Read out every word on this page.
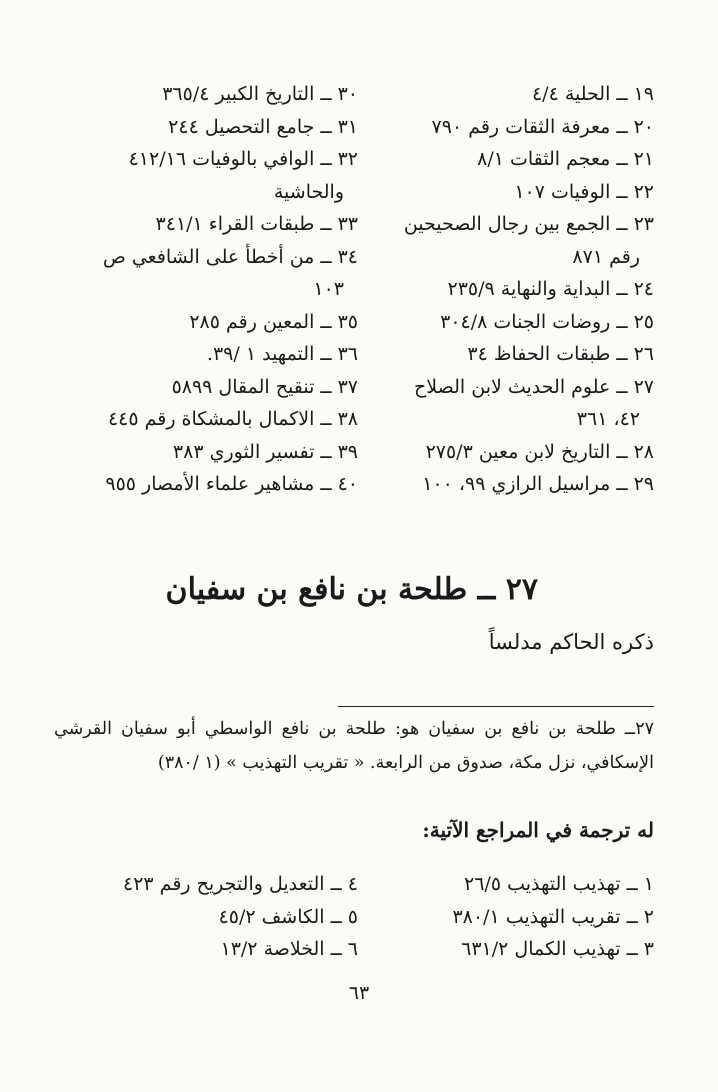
١٩ ــ الحلية ٤/٤
٢٠ ــ معرفة الثقات رقم ٧٩٠
٢١ ــ معجم الثقات ٨/١
٢٢ ــ الوفيات ١٠٧
٢٣ ــ الجمع بين رجال الصحيحين
رقم ٨٧١
٢٤ ــ البداية والنهاية ٢٣٥/٩
٢٥ ــ روضات الجنات ٣٠٤/٨
٢٦ ــ طبقات الحفاظ ٣٤
٢٧ ــ علوم الحديث لابن الصلاح
٤٢، ٣٦١
٢٨ ــ التاريخ لابن معين ٢٧٥/٣
٢٩ ــ مراسيل الرازي ٩٩، ١٠٠
٣٠ ــ التاريخ الكبير ٣٦٥/٤
٣١ ــ جامع التحصيل ٢٤٤
٣٢ ــ الوافي بالوفيات ٤١٢/١٦
والحاشية
٣٣ ــ طبقات القراء ٣٤١/١
٣٤ ــ من أخطأ على الشافعي ص
١٠٣
٣٥ ــ المعين رقم ٢٨٥
٣٦ ــ التمهيد ١ /٣٩.
٣٧ ــ تنقيح المقال ٥٨٩٩
٣٨ ــ الاكمال بالمشكاة رقم ٤٤٥
٣٩ ــ تفسير الثوري ٣٨٣
٤٠ ــ مشاهير علماء الأمصار ٩٥٥
٢٧ ــ طلحة بن نافع بن سفيان
ذكره الحاكم مدلساً
٢٧ــ طلحة بن نافع بن سفيان هو: طلحة بن نافع الواسطي أبو سفيان القرشي الإسكافي، نزل مكة، صدوق من الرابعة. « تقريب التهذيب » (١ /٣٨٠)
له ترجمة في المراجع الآتية:
١ ــ تهذيب التهذيب ٢٦/٥
٢ ــ تقريب التهذيب ٣٨٠/١
٣ ــ تهذيب الكمال ٦٣١/٢
٤ ــ التعديل والتجريح رقم ٤٢٣
٥ ــ الكاشف ٤٥/٢
٦ ــ الخلاصة ١٣/٢
٦٣
